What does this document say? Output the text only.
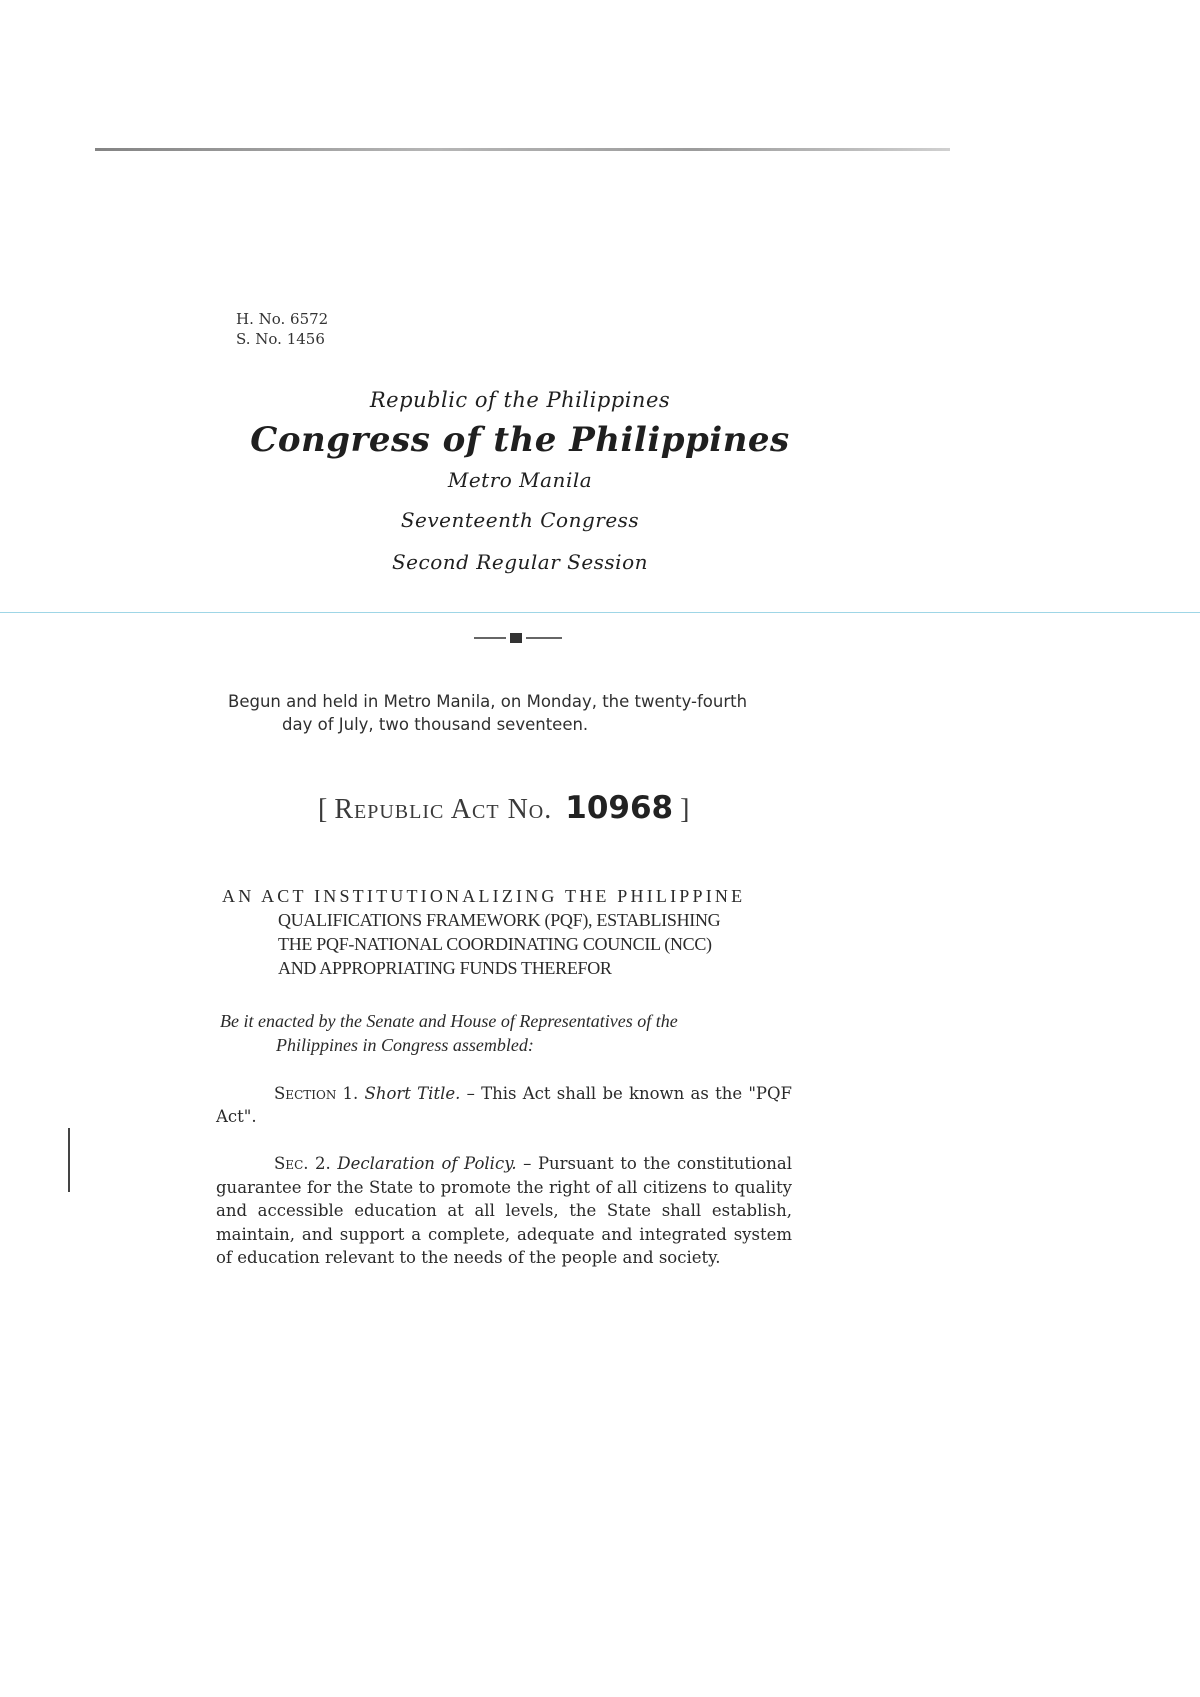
H. No. 6572
S. No. 1456
Republic of the Philippines
Congress of the Philippines
Metro Manila
Seventeenth Congress
Second Regular Session
Begun and held in Metro Manila, on Monday, the twenty-fourth
day of July, two thousand seventeen.
[ Republic Act No. 10968 ]
AN ACT INSTITUTIONALIZING THE PHILIPPINE
QUALIFICATIONS FRAMEWORK (PQF), ESTABLISHING
THE PQF-NATIONAL COORDINATING COUNCIL (NCC)
AND APPROPRIATING FUNDS THEREFOR
Be it enacted by the Senate and House of Representatives of the
Philippines in Congress assembled:
Section 1. Short Title. – This Act shall be known as the "PQF Act".
Sec. 2. Declaration of Policy. – Pursuant to the constitutional guarantee for the State to promote the right of all citizens to quality and accessible education at all levels, the State shall establish, maintain, and support a complete, adequate and integrated system of education relevant to the needs of the people and society.
